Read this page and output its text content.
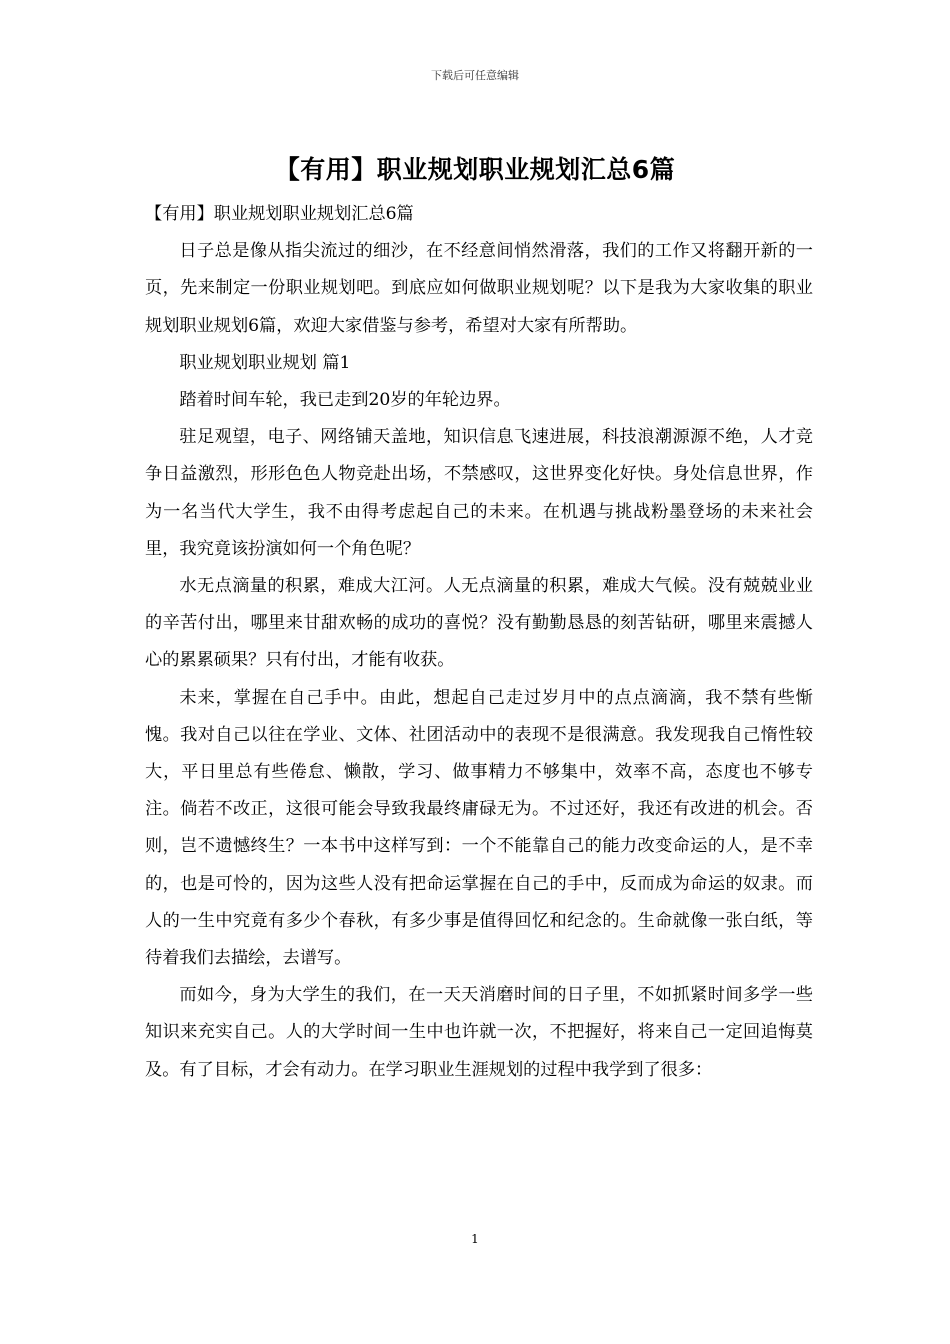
下载后可任意编辑
【有用】职业规划职业规划汇总6篇

【有用】职业规划职业规划汇总6篇

日子总是像从指尖流过的细沙，在不经意间悄然滑落，我们的工作又将翻开新的一页，先来制定一份职业规划吧。到底应如何做职业规划呢？以下是我为大家收集的职业规划职业规划6篇，欢迎大家借鉴与参考，希望对大家有所帮助。

职业规划职业规划 篇1

踏着时间车轮，我已走到20岁的年轮边界。

驻足观望，电子、网络铺天盖地，知识信息飞速进展，科技浪潮源源不绝，人才竞争日益激烈，形形色色人物竞赴出场，不禁感叹，这世界变化好快。身处信息世界，作为一名当代大学生，我不由得考虑起自己的未来。在机遇与挑战粉墨登场的未来社会里，我究竟该扮演如何一个角色呢？

水无点滴量的积累，难成大江河。人无点滴量的积累，难成大气候。没有兢兢业业的辛苦付出，哪里来甘甜欢畅的成功的喜悦？没有勤勤恳恳的刻苦钻研，哪里来震撼人心的累累硕果？只有付出，才能有收获。

未来，掌握在自己手中。由此，想起自己走过岁月中的点点滴滴，我不禁有些惭愧。我对自己以往在学业、文体、社团活动中的表现不是很满意。我发现我自己惰性较大，平日里总有些倦怠、懒散，学习、做事精力不够集中，效率不高，态度也不够专注。倘若不改正，这很可能会导致我最终庸碌无为。不过还好，我还有改进的机会。否则，岂不遗憾终生？一本书中这样写到：一个不能靠自己的能力改变命运的人，是不幸的，也是可怜的，因为这些人没有把命运掌握在自己的手中，反而成为命运的奴隶。而人的一生中究竟有多少个春秋，有多少事是值得回忆和纪念的。生命就像一张白纸，等待着我们去描绘，去谱写。

而如今，身为大学生的我们，在一天天消磨时间的日子里，不如抓紧时间多学一些知识来充实自己。人的大学时间一生中也许就一次，不把握好，将来自己一定回追悔莫及。有了目标，才会有动力。在学习职业生涯规划的过程中我学到了很多：

1
